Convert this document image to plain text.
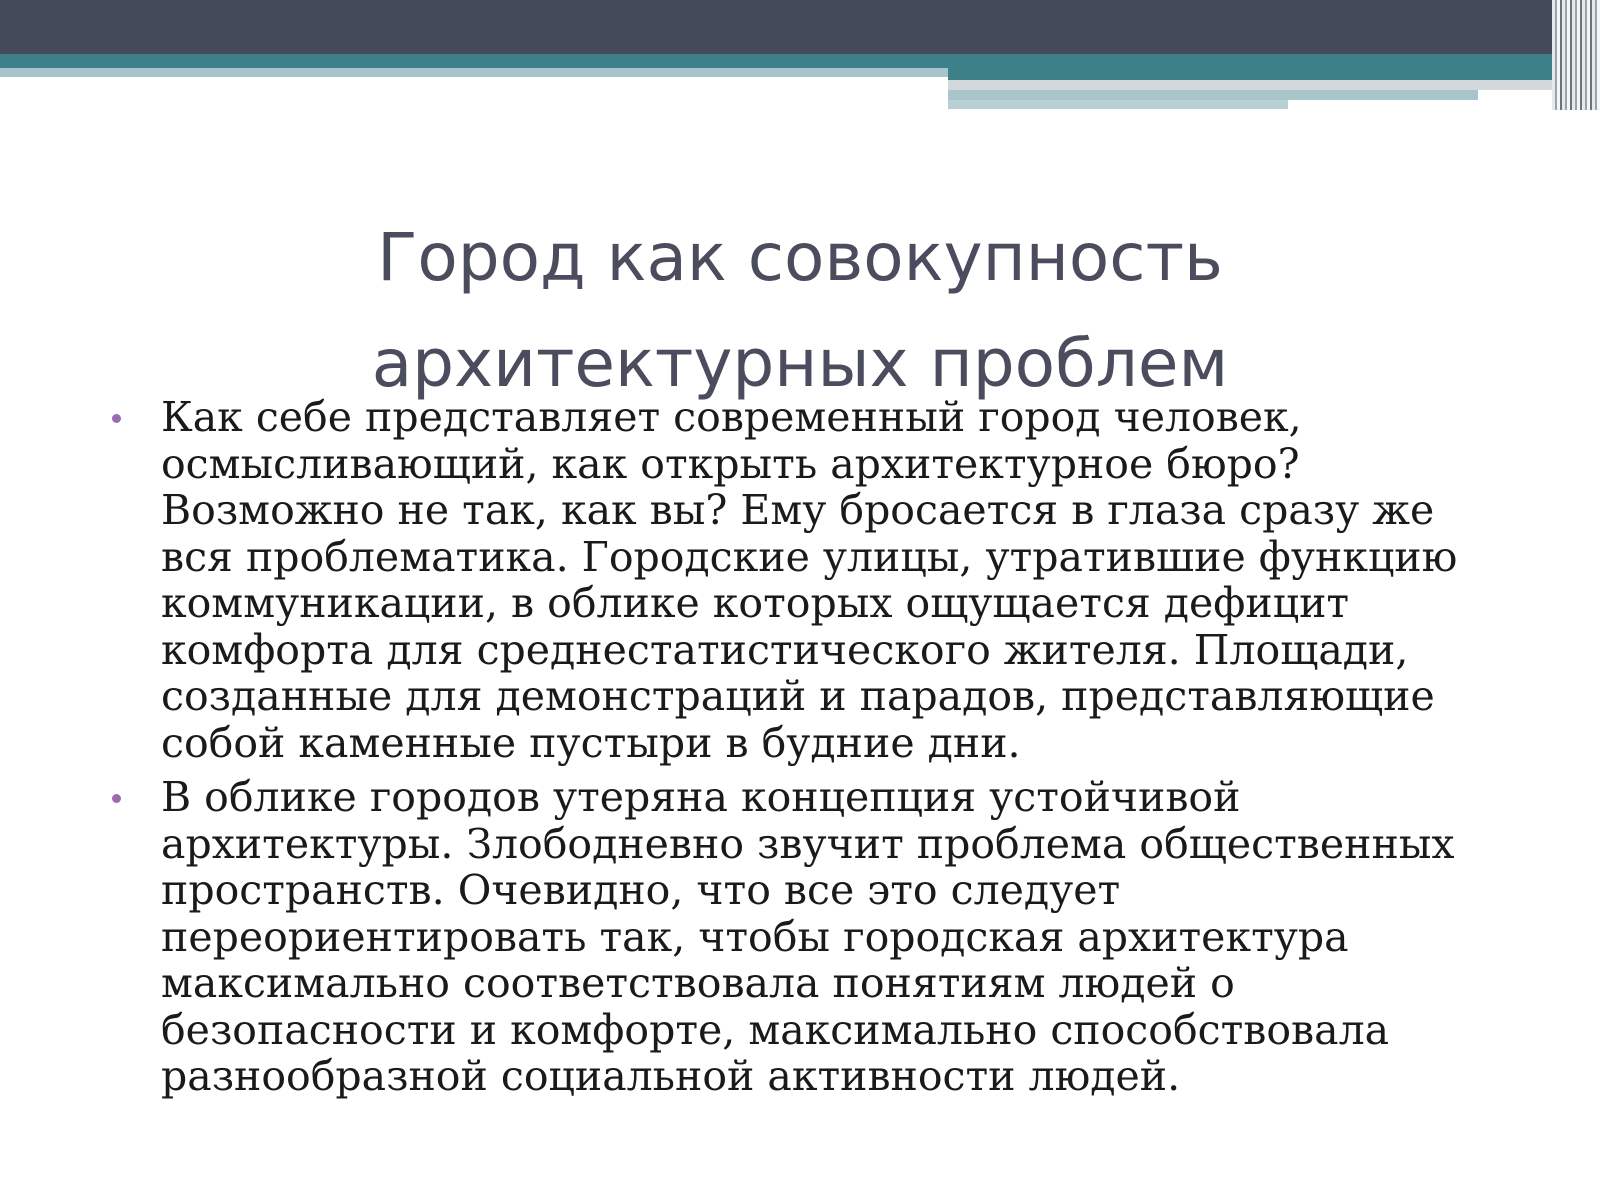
Город как совокупность
архитектурных проблем
Как себе представляет современный город человек, осмысливающий, как открыть архитектурное бюро? Возможно не так, как вы? Ему бросается в глаза сразу же вся проблематика. Городские улицы, утратившие функцию коммуникации, в облике которых ощущается дефицит комфорта для среднестатистического жителя. Площади, созданные для демонстраций и парадов, представляющие собой каменные пустыри в будние дни.
В облике городов утеряна концепция устойчивой архитектуры. Злободневно звучит проблема общественных пространств. Очевидно, что все это следует переориентировать так, чтобы городская архитектура максимально соответствовала понятиям людей о безопасности и комфорте, максимально способствовала разнообразной социальной активности людей.
